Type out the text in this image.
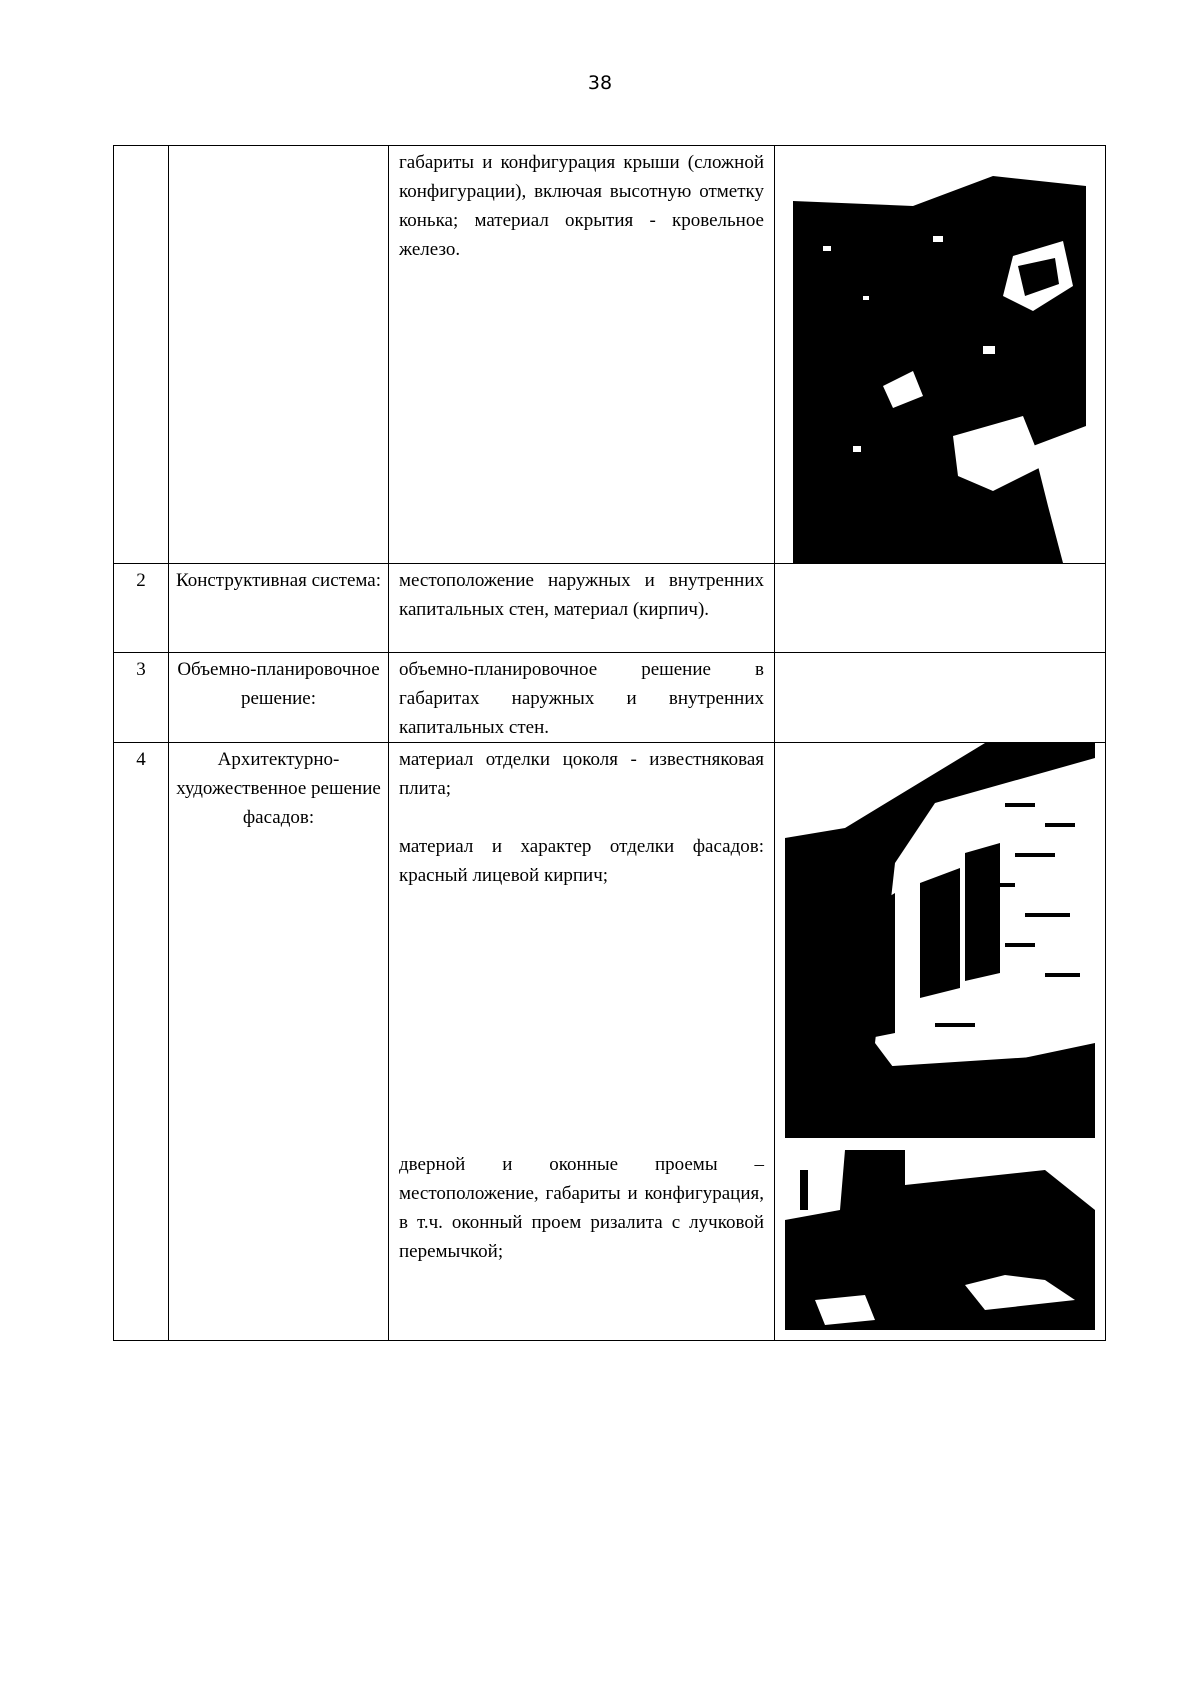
38

		габариты и конфигурация крыши (сложной конфигурации), включая высотную отметку конька; материал окрытия - кровельное железо.

2	Конструктивная система:	местоположение наружных и внутренних капитальных стен, материал (кирпич).	

3	Объемно-планировочное решение:	объемно-планировочное решение в габаритах наружных и внутренних капитальных стен.	

4	Архитектурно-художественное решение фасадов:	материал отделки цоколя - известняковая плита;

материал и характер отделки фасадов: красный лицевой кирпич;

дверной и оконные проемы – местоположение, габариты и конфигурация, в т.ч. оконный проем ризалита с лучковой перемычкой;
